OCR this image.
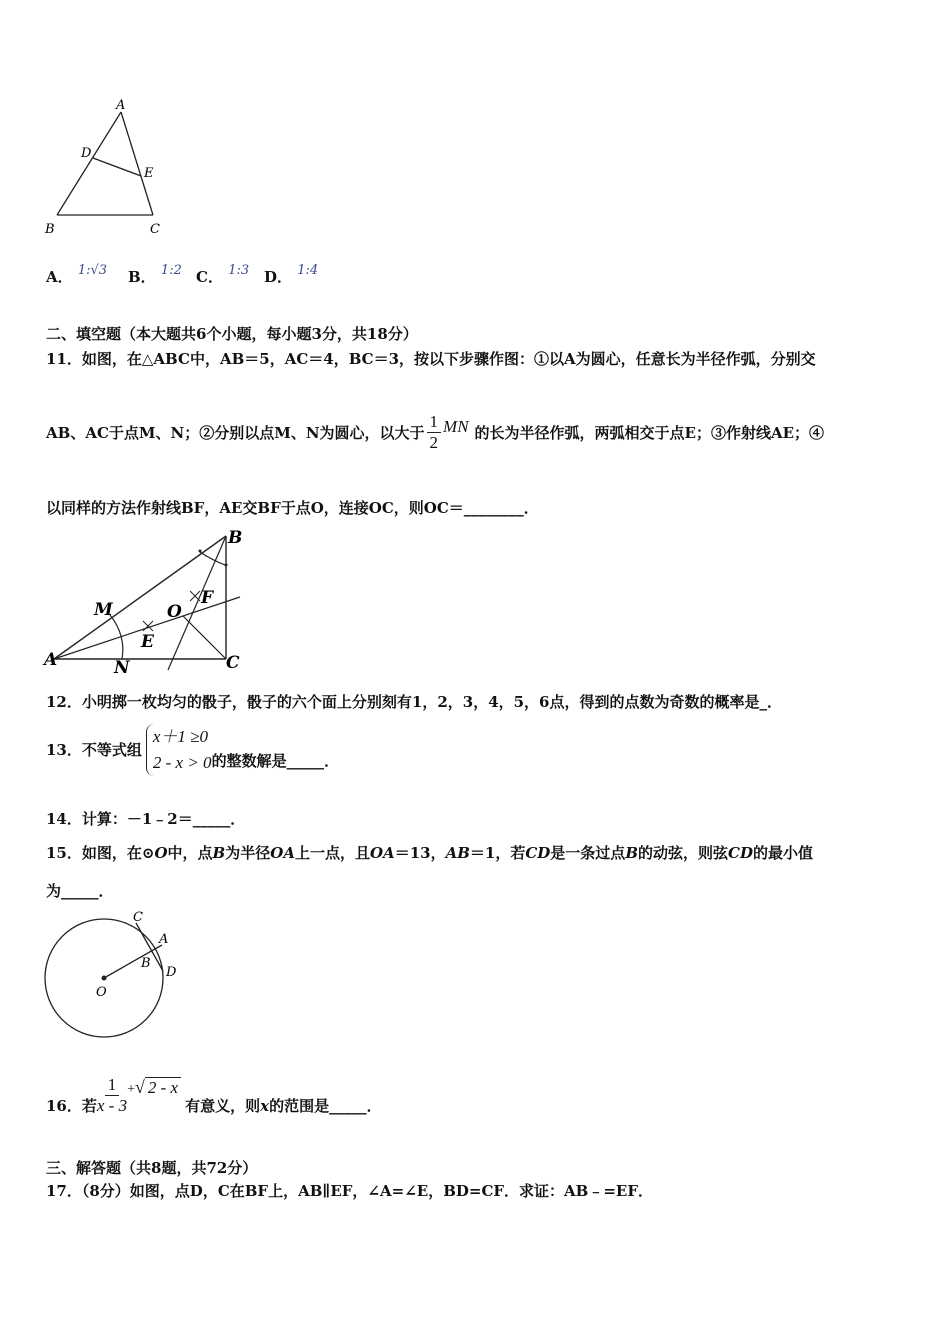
A
D
E
B	C
A． 1:√3 B． 1:2 C． 1:3 D． 1:4
二、填空题（本大题共6个小题，每小题3分，共18分）
11．如图，在△ABC中，AB＝5，AC＝4，BC＝3，按以下步骤作图：①以A为圆心，任意长为半径作弧，分别交
AB、AC于点M、N；②分别以点M、N为圆心，以大于 $\frac{1}{2}$ MN 的长为半径作弧，两弧相交于点E；③作射线AE；④
以同样的方法作射线BF，AE交BF于点O，连接OC，则OC＝________．
B
M	O
F
E
A	N	C
12．小明掷一枚均匀的骰子，骰子的六个面上分别刻有1，2，3，4，5，6点，得到的点数为奇数的概率是_．
13．不等式组
x＋1 ≥0
2 - x > 0 的整数解是_____．
14．计算：－1﹣2＝_____．
15．如图，在⊙O中，点B为半径OA上一点，且OA＝13，AB＝1，若CD是一条过点B的动弦，则弦CD的最小值
为_____．
C
A
B
D
O
16．若 $\frac{1}{x - 3}$ +√ 2 - x
有意义，则 x 的范围是_____．
三、解答题（共8题，共72分）
17．（8分）如图，点D，C在BF上，AB∥EF，∠A=∠E，BD=CF．求证：AB﹣=EF．
